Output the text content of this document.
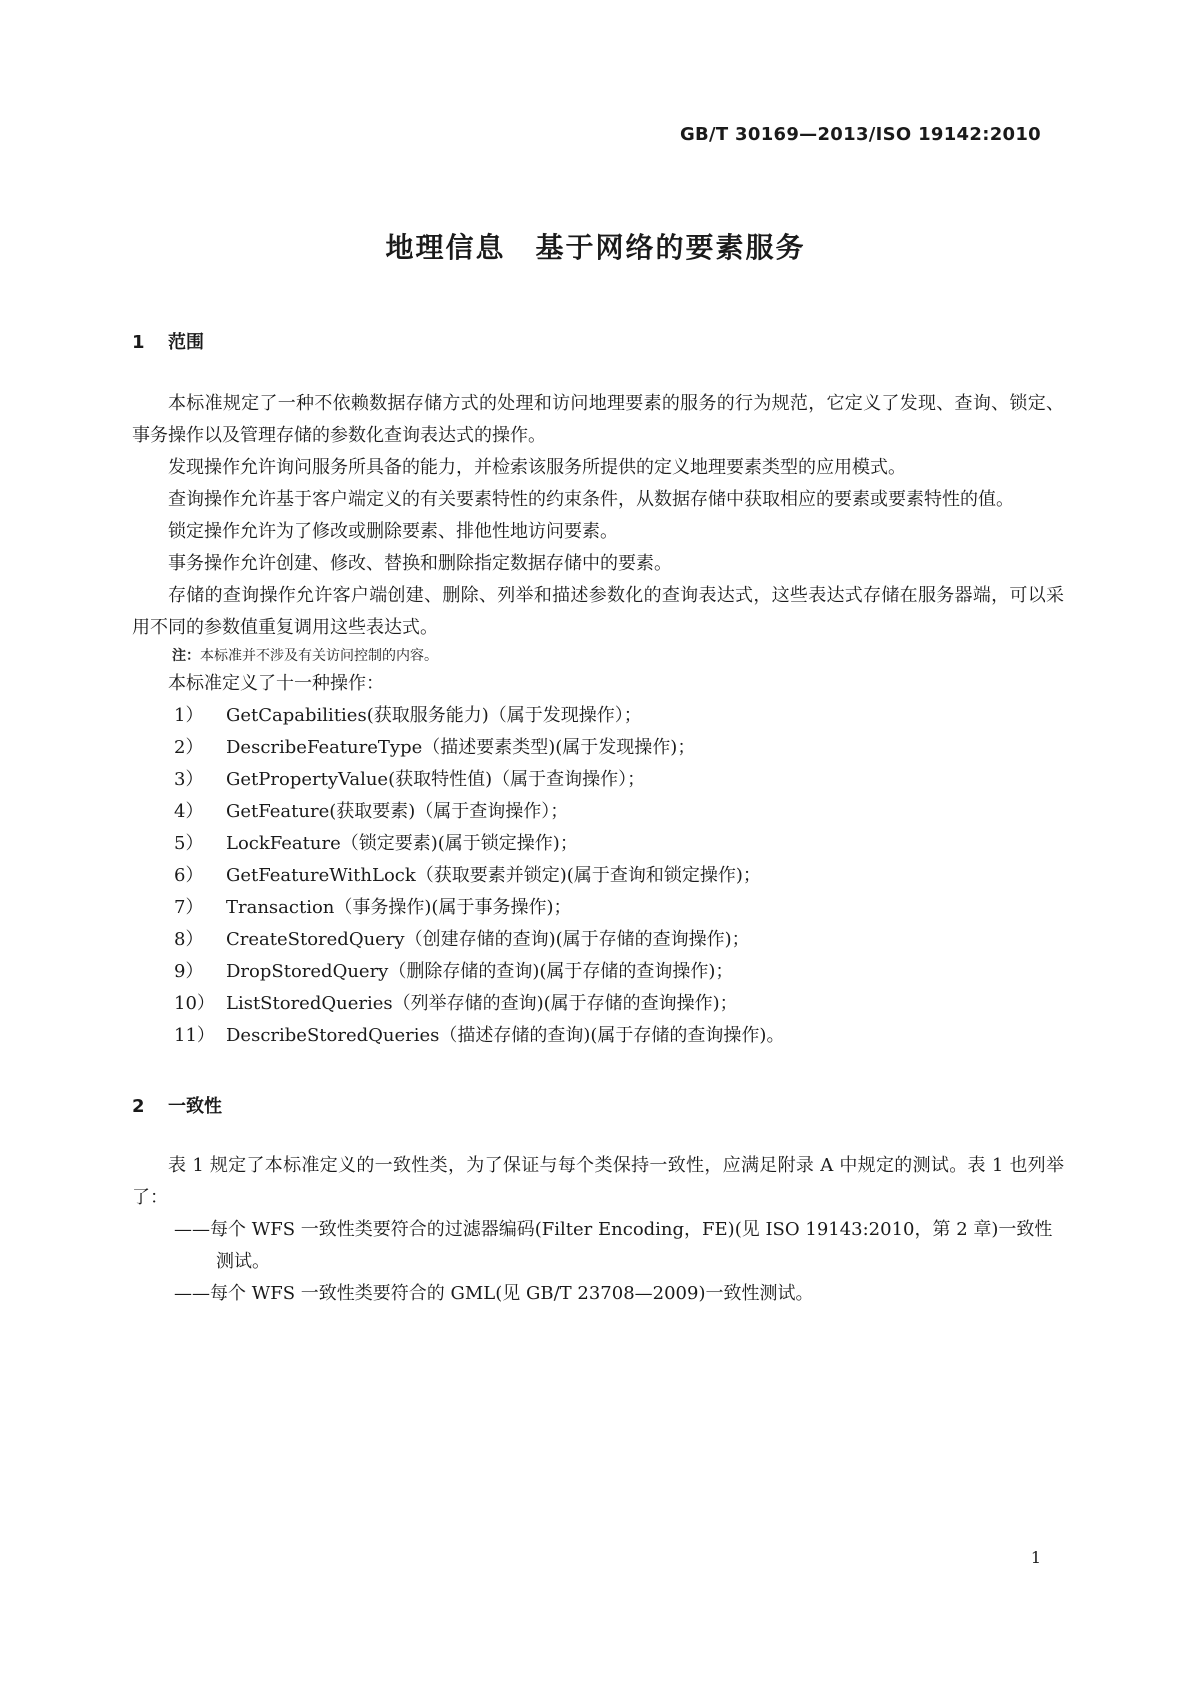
GB/T 30169—2013/ISO 19142:2010
地理信息　基于网络的要素服务
1 范围

本标准规定了一种不依赖数据存储方式的处理和访问地理要素的服务的行为规范，它定义了发现、查询、锁定、事务操作以及管理存储的参数化查询表达式的操作。

发现操作允许询问服务所具备的能力，并检索该服务所提供的定义地理要素类型的应用模式。

查询操作允许基于客户端定义的有关要素特性的约束条件，从数据存储中获取相应的要素或要素特性的值。

锁定操作允许为了修改或删除要素、排他性地访问要素。

事务操作允许创建、修改、替换和删除指定数据存储中的要素。

存储的查询操作允许客户端创建、删除、列举和描述参数化的查询表达式，这些表达式存储在服务器端，可以采用不同的参数值重复调用这些表达式。

注：本标准并不涉及有关访问控制的内容。

本标准定义了十一种操作：

1） GetCapabilities(获取服务能力)（属于发现操作）；
2） DescribeFeatureType（描述要素类型)(属于发现操作)；
3） GetPropertyValue(获取特性值)（属于查询操作）；
4） GetFeature(获取要素)（属于查询操作）；
5） LockFeature（锁定要素)(属于锁定操作)；
6） GetFeatureWithLock（获取要素并锁定)(属于查询和锁定操作)；
7） Transaction（事务操作)(属于事务操作)；
8） CreateStoredQuery（创建存储的查询)(属于存储的查询操作)；
9） DropStoredQuery（删除存储的查询)(属于存储的查询操作)；
10） ListStoredQueries（列举存储的查询)(属于存储的查询操作)；
11） DescribeStoredQueries（描述存储的查询)(属于存储的查询操作)。
2 一致性

表 1 规定了本标准定义的一致性类，为了保证与每个类保持一致性，应满足附录 A 中规定的测试。表 1 也列举了：

——每个 WFS 一致性类要符合的过滤器编码(Filter Encoding，FE)(见 ISO 19143:2010，第 2 章)一致性测试。

——每个 WFS 一致性类要符合的 GML(见 GB/T 23708—2009)一致性测试。

1
